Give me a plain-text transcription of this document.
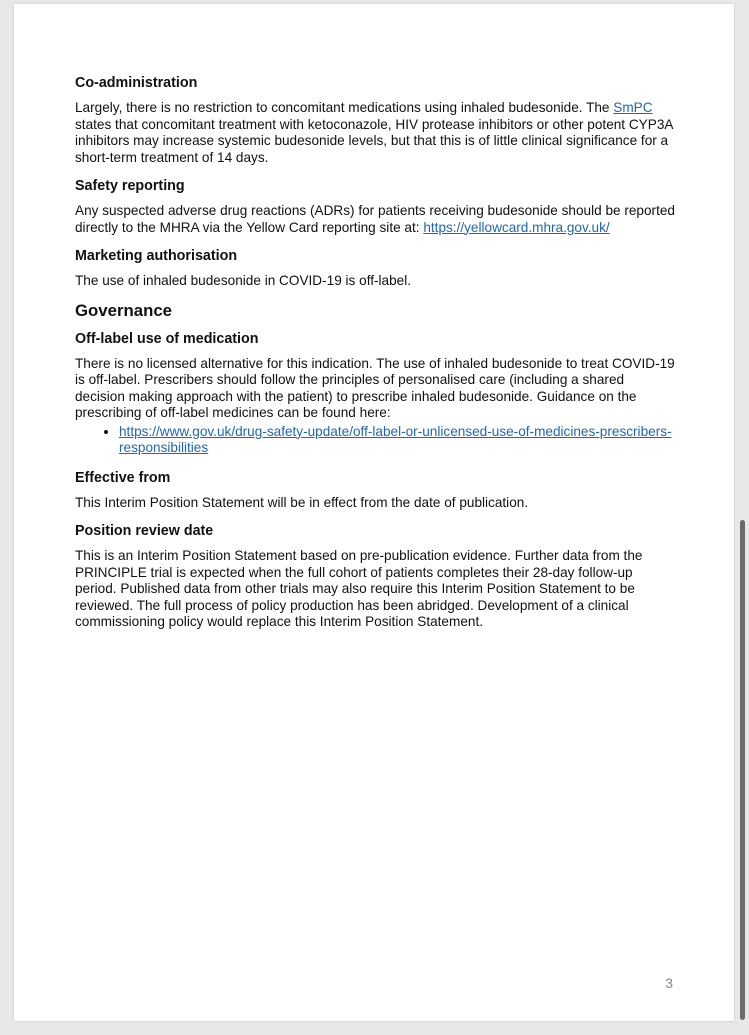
Co-administration
Largely, there is no restriction to concomitant medications using inhaled budesonide. The SmPC states that concomitant treatment with ketoconazole, HIV protease inhibitors or other potent CYP3A inhibitors may increase systemic budesonide levels, but that this is of little clinical significance for a short-term treatment of 14 days.
Safety reporting
Any suspected adverse drug reactions (ADRs) for patients receiving budesonide should be reported directly to the MHRA via the Yellow Card reporting site at: https://yellowcard.mhra.gov.uk/
Marketing authorisation
The use of inhaled budesonide in COVID-19 is off-label.
Governance
Off-label use of medication
There is no licensed alternative for this indication. The use of inhaled budesonide to treat COVID-19 is off-label. Prescribers should follow the principles of personalised care (including a shared decision making approach with the patient) to prescribe inhaled budesonide. Guidance on the prescribing of off-label medicines can be found here:
• https://www.gov.uk/drug-safety-update/off-label-or-unlicensed-use-of-medicines-prescribers-responsibilities
Effective from
This Interim Position Statement will be in effect from the date of publication.
Position review date
This is an Interim Position Statement based on pre-publication evidence. Further data from the PRINCIPLE trial is expected when the full cohort of patients completes their 28-day follow-up period. Published data from other trials may also require this Interim Position Statement to be reviewed. The full process of policy production has been abridged. Development of a clinical commissioning policy would replace this Interim Position Statement.
3
